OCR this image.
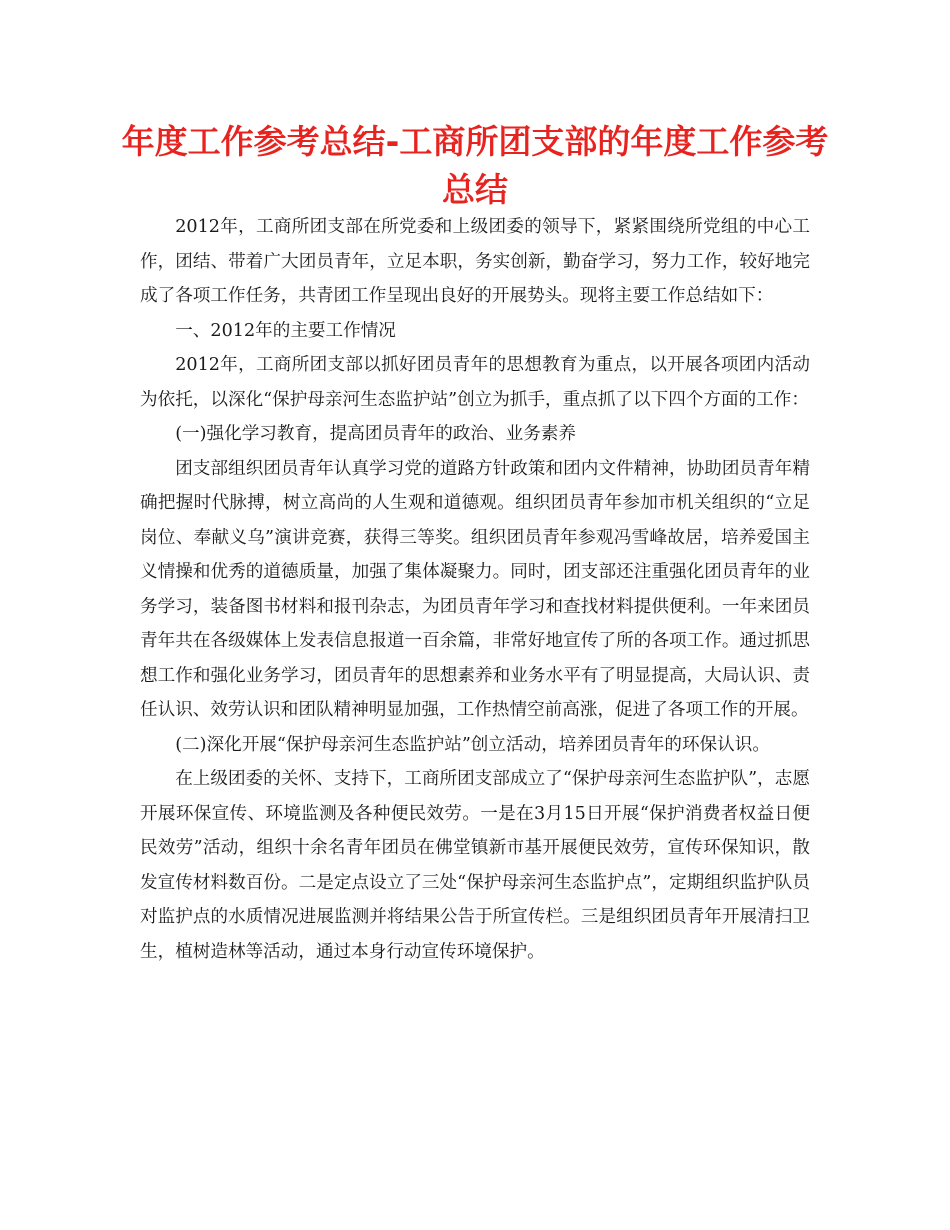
年度工作参考总结-工商所团支部的年度工作参考总结

2012年，工商所团支部在所党委和上级团委的领导下，紧紧围绕所党组的中心工作，团结、带着广大团员青年，立足本职，务实创新，勤奋学习，努力工作，较好地完成了各项工作任务，共青团工作呈现出良好的开展势头。现将主要工作总结如下：

一、2012年的主要工作情况

2012年，工商所团支部以抓好团员青年的思想教育为重点，以开展各项团内活动为依托，以深化“保护母亲河生态监护站”创立为抓手，重点抓了以下四个方面的工作：

(一)强化学习教育，提高团员青年的政治、业务素养

团支部组织团员青年认真学习党的道路方针政策和团内文件精神，协助团员青年精确把握时代脉搏，树立高尚的人生观和道德观。组织团员青年参加市机关组织的“立足岗位、奉献义乌”演讲竞赛，获得三等奖。组织团员青年参观冯雪峰故居，培养爱国主义情操和优秀的道德质量，加强了集体凝聚力。同时，团支部还注重强化团员青年的业务学习，装备图书材料和报刊杂志，为团员青年学习和查找材料提供便利。一年来团员青年共在各级媒体上发表信息报道一百余篇，非常好地宣传了所的各项工作。通过抓思想工作和强化业务学习，团员青年的思想素养和业务水平有了明显提高，大局认识、责任认识、效劳认识和团队精神明显加强，工作热情空前高涨，促进了各项工作的开展。

(二)深化开展“保护母亲河生态监护站”创立活动，培养团员青年的环保认识。

在上级团委的关怀、支持下，工商所团支部成立了“保护母亲河生态监护队”，志愿开展环保宣传、环境监测及各种便民效劳。一是在3月15日开展“保护消费者权益日便民效劳”活动，组织十余名青年团员在佛堂镇新市基开展便民效劳，宣传环保知识，散发宣传材料数百份。二是定点设立了三处“保护母亲河生态监护点”，定期组织监护队员对监护点的水质情况进展监测并将结果公告于所宣传栏。三是组织团员青年开展清扫卫生，植树造林等活动，通过本身行动宣传环境保护。
